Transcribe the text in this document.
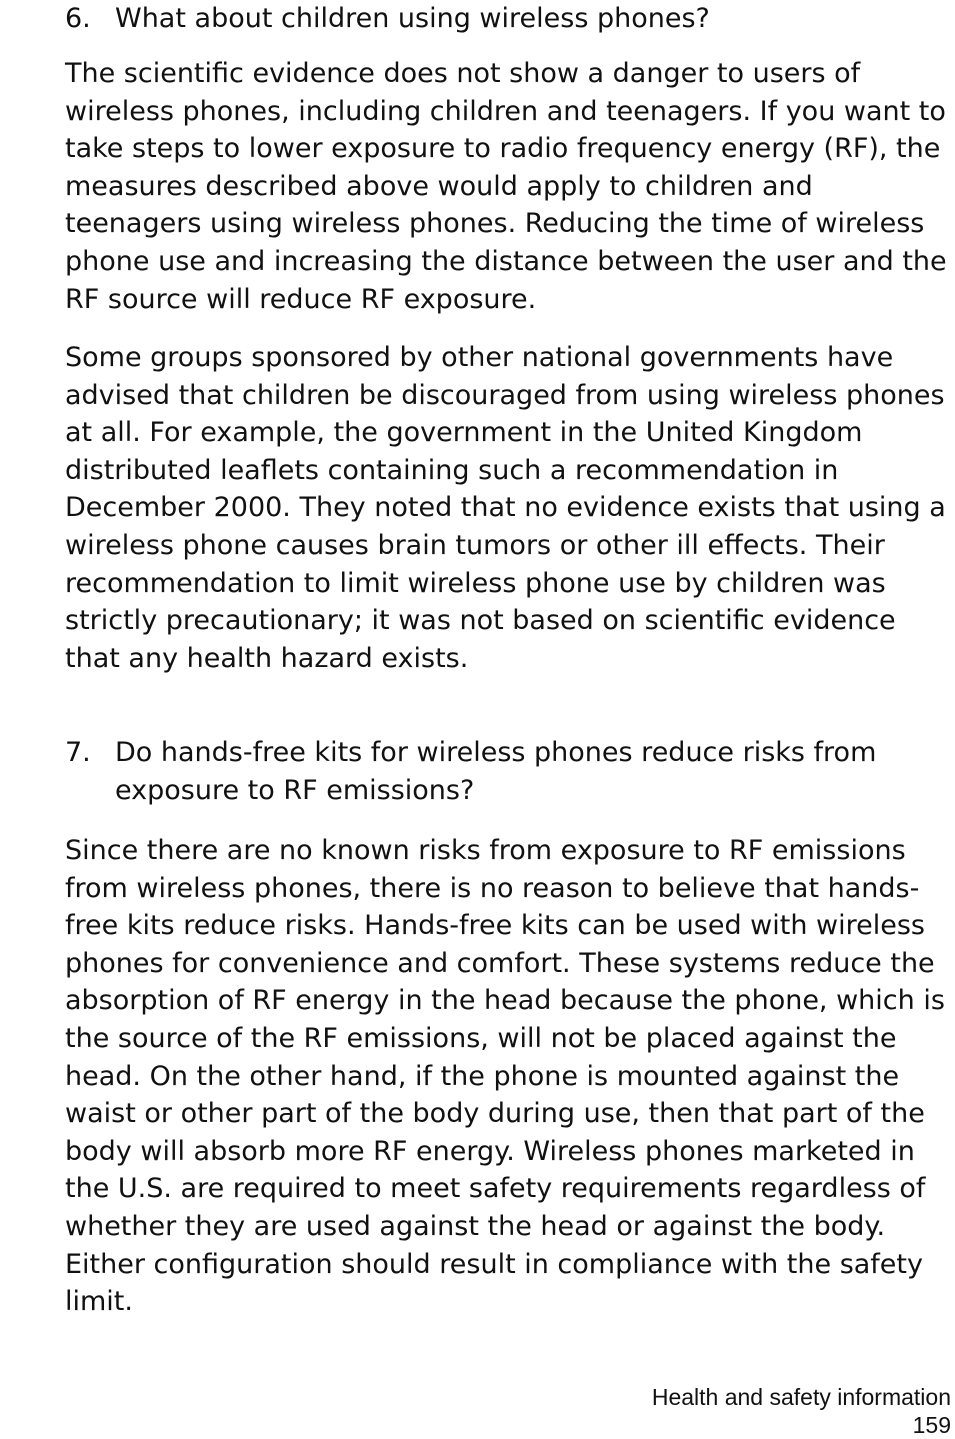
6. What about children using wireless phones?

The scientific evidence does not show a danger to users of wireless phones, including children and teenagers. If you want to take steps to lower exposure to radio frequency energy (RF), the measures described above would apply to children and teenagers using wireless phones. Reducing the time of wireless phone use and increasing the distance between the user and the RF source will reduce RF exposure.

Some groups sponsored by other national governments have advised that children be discouraged from using wireless phones at all. For example, the government in the United Kingdom distributed leaflets containing such a recommendation in December 2000. They noted that no evidence exists that using a wireless phone causes brain tumors or other ill effects. Their recommendation to limit wireless phone use by children was strictly precautionary; it was not based on scientific evidence that any health hazard exists.

7. Do hands-free kits for wireless phones reduce risks from exposure to RF emissions?

Since there are no known risks from exposure to RF emissions from wireless phones, there is no reason to believe that hands-free kits reduce risks. Hands-free kits can be used with wireless phones for convenience and comfort. These systems reduce the absorption of RF energy in the head because the phone, which is the source of the RF emissions, will not be placed against the head. On the other hand, if the phone is mounted against the waist or other part of the body during use, then that part of the body will absorb more RF energy. Wireless phones marketed in the U.S. are required to meet safety requirements regardless of whether they are used against the head or against the body. Either configuration should result in compliance with the safety limit.

Health and safety information
159
